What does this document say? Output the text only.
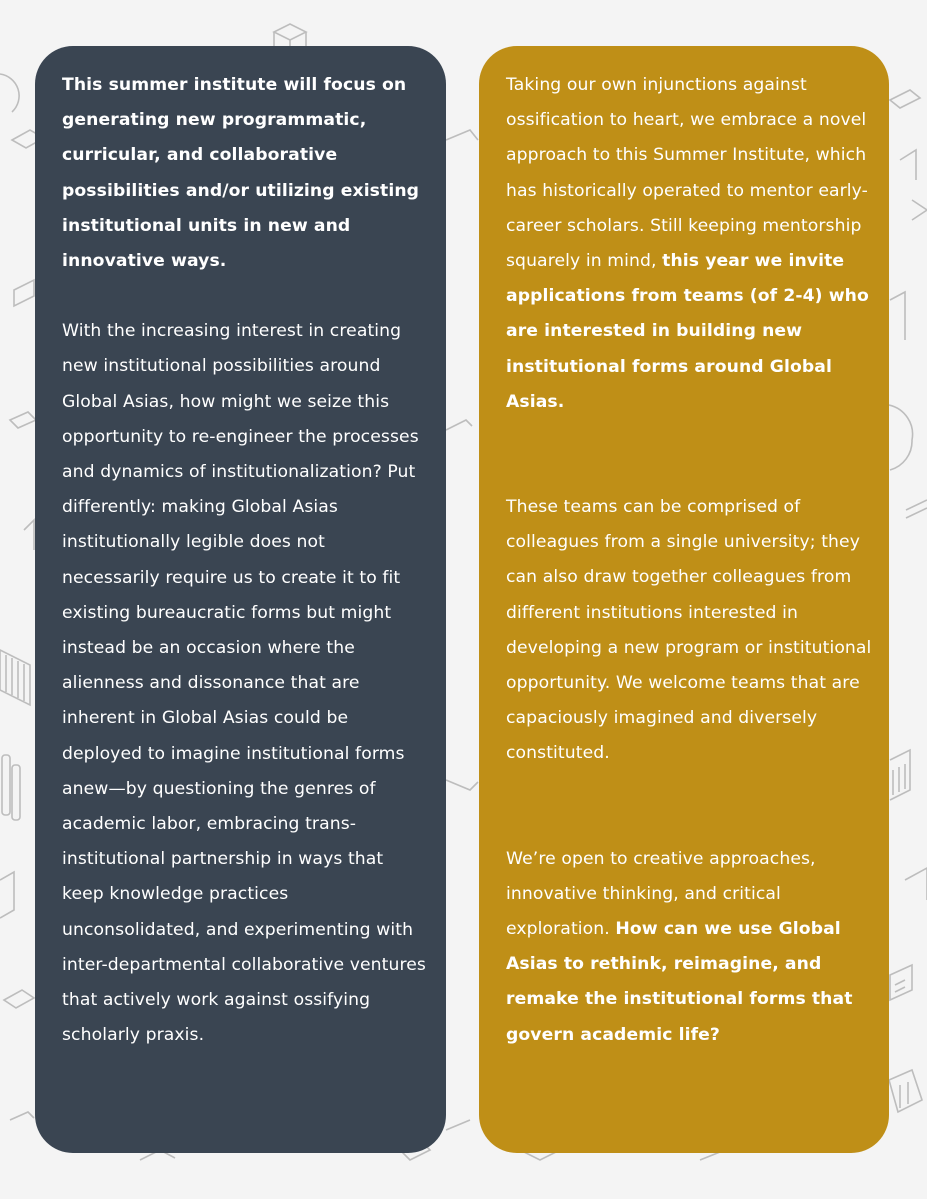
This summer institute will focus on generating new programmatic, curricular, and collaborative possibilities and/or utilizing existing institutional units in new and innovative ways.

With the increasing interest in creating new institutional possibilities around Global Asias, how might we seize this opportunity to re-engineer the processes and dynamics of institutionalization? Put differently: making Global Asias institutionally legible does not necessarily require us to create it to fit existing bureaucratic forms but might instead be an occasion where the alienness and dissonance that are inherent in Global Asias could be deployed to imagine institutional forms anew—by questioning the genres of academic labor, embracing trans-institutional partnership in ways that keep knowledge practices unconsolidated, and experimenting with inter-departmental collaborative ventures that actively work against ossifying scholarly praxis.

Taking our own injunctions against ossification to heart, we embrace a novel approach to this Summer Institute, which has historically operated to mentor early-career scholars. Still keeping mentorship squarely in mind, this year we invite applications from teams (of 2-4) who are interested in building new institutional forms around Global Asias.

These teams can be comprised of colleagues from a single university; they can also draw together colleagues from different institutions interested in developing a new program or institutional opportunity. We welcome teams that are capaciously imagined and diversely constituted.

We’re open to creative approaches, innovative thinking, and critical exploration. How can we use Global Asias to rethink, reimagine, and remake the institutional forms that govern academic life?
